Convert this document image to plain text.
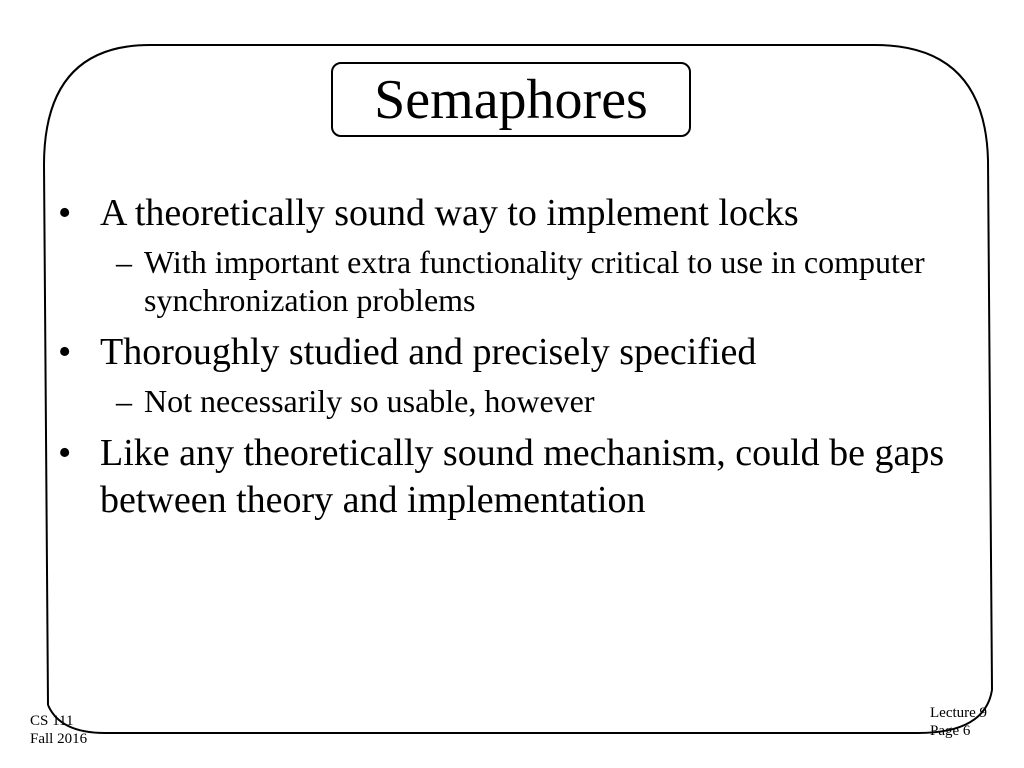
Semaphores
• A theoretically sound way to implement locks
– With important extra functionality critical to use in computer synchronization problems
• Thoroughly studied and precisely specified
– Not necessarily so usable, however
• Like any theoretically sound mechanism, could be gaps between theory and implementation
CS 111
Fall 2016
Lecture 9
Page 6
